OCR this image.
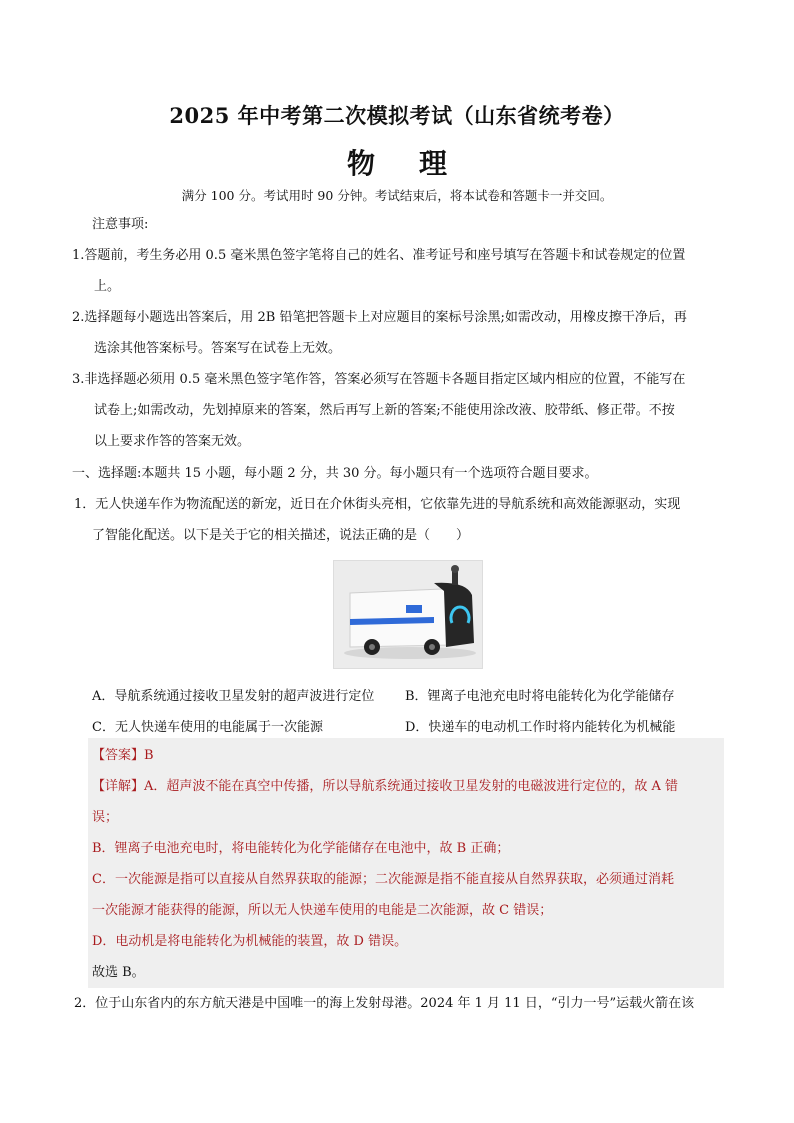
2025 年中考第二次模拟考试（山东省统考卷）
物 理
满分 100 分。考试用时 90 分钟。考试结束后，将本试卷和答题卡一并交回。
注意事项:
1.答题前，考生务必用 0.5 毫米黑色签字笔将自己的姓名、准考证号和座号填写在答题卡和试卷规定的位置
上。
2.选择题每小题选出答案后，用 2B 铅笔把答题卡上对应题目的案标号涂黑;如需改动，用橡皮擦干净后，再
选涂其他答案标号。答案写在试卷上无效。
3.非选择题必须用 0.5 毫米黑色签字笔作答，答案必须写在答题卡各题目指定区域内相应的位置，不能写在
试卷上;如需改动，先划掉原来的答案，然后再写上新的答案;不能使用涂改液、胶带纸、修正带。不按
以上要求作答的答案无效。
一、选择题:本题共 15 小题，每小题 2 分，共 30 分。每小题只有一个选项符合题目要求。
1．无人快递车作为物流配送的新宠，近日在介休街头亮相，它依靠先进的导航系统和高效能源驱动，实现
了智能化配送。以下是关于它的相关描述，说法正确的是（　　）
A．导航系统通过接收卫星发射的超声波进行定位 B．锂离子电池充电时将电能转化为化学能储存
C．无人快递车使用的电能属于一次能源	D．快递车的电动机工作时将内能转化为机械能
【答案】B
【详解】A．超声波不能在真空中传播，所以导航系统通过接收卫星发射的电磁波进行定位的，故 A 错
误；
B．锂离子电池充电时，将电能转化为化学能储存在电池中，故 B 正确；
C．一次能源是指可以直接从自然界获取的能源；二次能源是指不能直接从自然界获取，必须通过消耗
一次能源才能获得的能源，所以无人快递车使用的电能是二次能源，故 C 错误；
D．电动机是将电能转化为机械能的装置，故 D 错误。
故选 B。
2．位于山东省内的东方航天港是中国唯一的海上发射母港。2024 年 1 月 11 日，“引力一号”运载火箭在该
